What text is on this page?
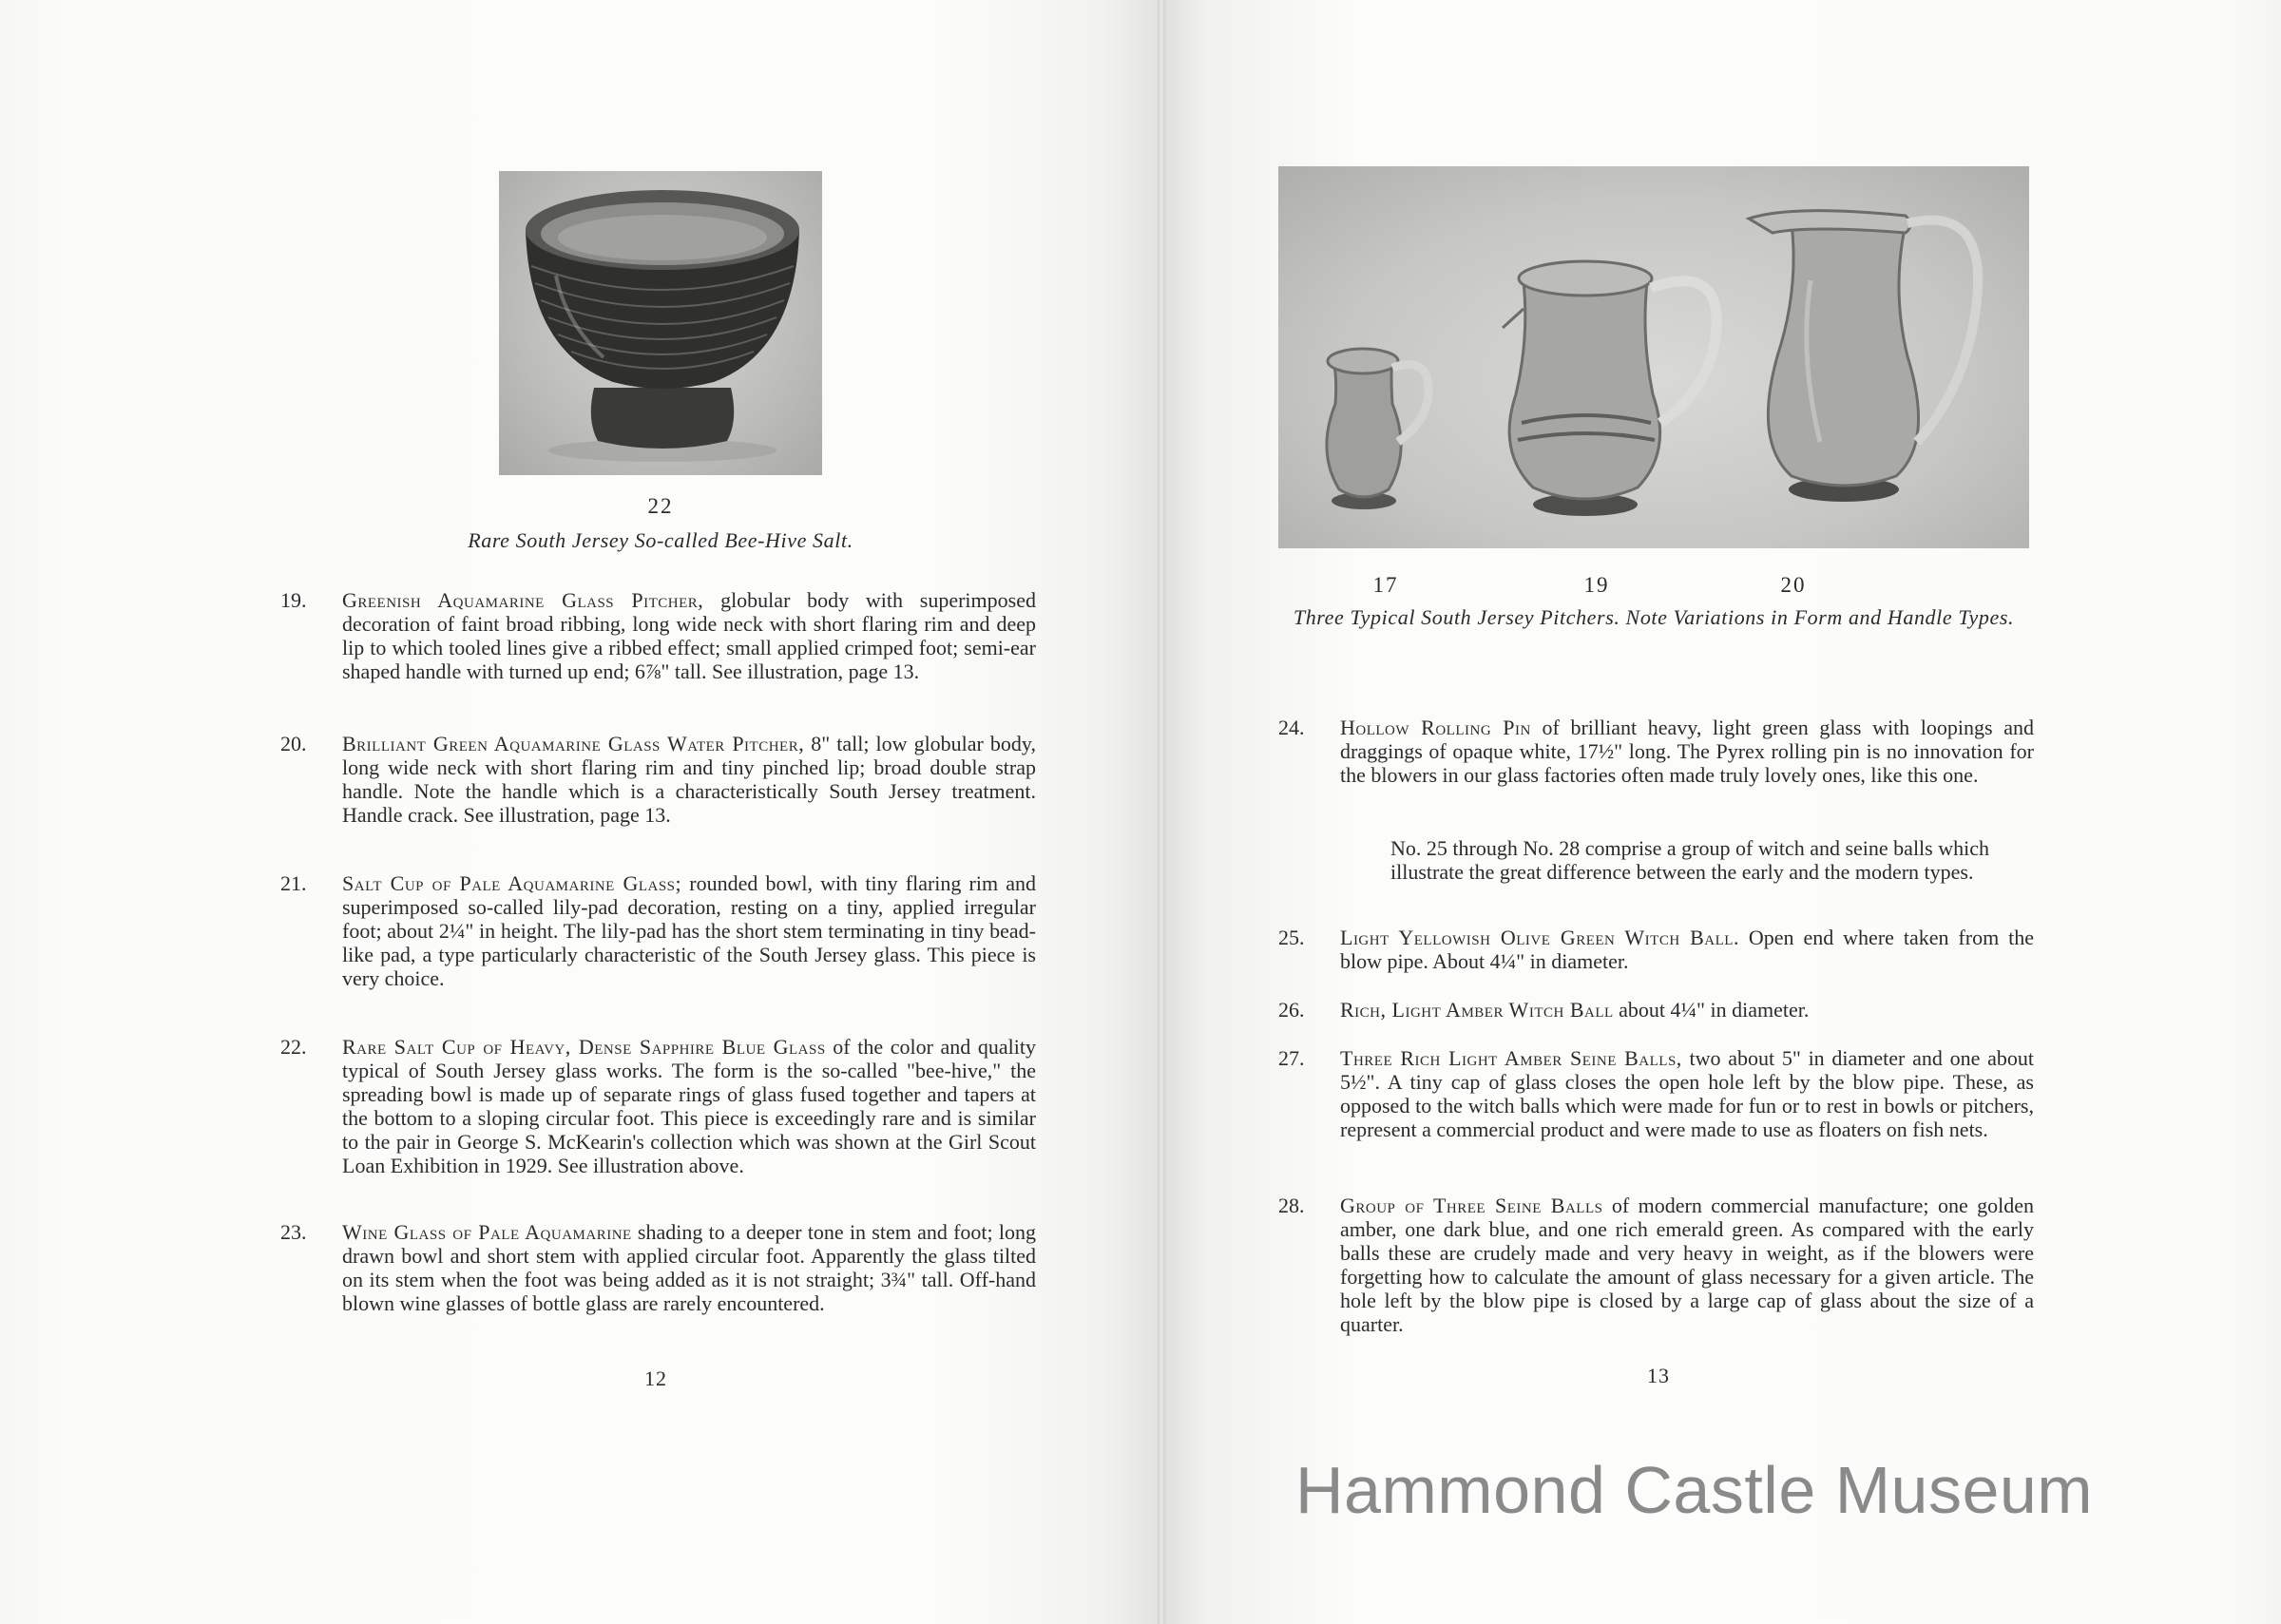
22
Rare South Jersey So-called Bee-Hive Salt.
19. Greenish Aquamarine Glass Pitcher, globular body with superimposed decoration of faint broad ribbing, long wide neck with short flaring rim and deep lip to which tooled lines give a ribbed effect; small applied crimped foot; semi-ear shaped handle with turned up end; 6⅞" tall. See illustration, page 13.
20. Brilliant Green Aquamarine Glass Water Pitcher, 8" tall; low globular body, long wide neck with short flaring rim and tiny pinched lip; broad double strap handle. Note the handle which is a characteristically South Jersey treatment. Handle crack. See illustration, page 13.
21. Salt Cup of Pale Aquamarine Glass; rounded bowl, with tiny flaring rim and superimposed so-called lily-pad decoration, resting on a tiny, applied irregular foot; about 2¼" in height. The lily-pad has the short stem terminating in tiny bead-like pad, a type particularly characteristic of the South Jersey glass. This piece is very choice.
22. Rare Salt Cup of Heavy, Dense Sapphire Blue Glass of the color and quality typical of South Jersey glass works. The form is the so-called "bee-hive," the spreading bowl is made up of separate rings of glass fused together and tapers at the bottom to a sloping circular foot. This piece is exceedingly rare and is similar to the pair in George S. McKearin's collection which was shown at the Girl Scout Loan Exhibition in 1929. See illustration above.
23. Wine Glass of Pale Aquamarine shading to a deeper tone in stem and foot; long drawn bowl and short stem with applied circular foot. Apparently the glass tilted on its stem when the foot was being added as it is not straight; 3¾" tall. Off-hand blown wine glasses of bottle glass are rarely encountered.
12
17	19	20
Three Typical South Jersey Pitchers. Note Variations in Form and Handle Types.
24. Hollow Rolling Pin of brilliant heavy, light green glass with loopings and draggings of opaque white, 17½" long. The Pyrex rolling pin is no innovation for the blowers in our glass factories often made truly lovely ones, like this one.
No. 25 through No. 28 comprise a group of witch and seine balls which illustrate the great difference between the early and the modern types.
25. Light Yellowish Olive Green Witch Ball. Open end where taken from the blow pipe. About 4¼" in diameter.
26. Rich, Light Amber Witch Ball about 4¼" in diameter.
27. Three Rich Light Amber Seine Balls, two about 5" in diameter and one about 5½". A tiny cap of glass closes the open hole left by the blow pipe. These, as opposed to the witch balls which were made for fun or to rest in bowls or pitchers, represent a commercial product and were made to use as floaters on fish nets.
28. Group of Three Seine Balls of modern commercial manufacture; one golden amber, one dark blue, and one rich emerald green. As compared with the early balls these are crudely made and very heavy in weight, as if the blowers were forgetting how to calculate the amount of glass necessary for a given article. The hole left by the blow pipe is closed by a large cap of glass about the size of a quarter.
13
Hammond Castle Museum
